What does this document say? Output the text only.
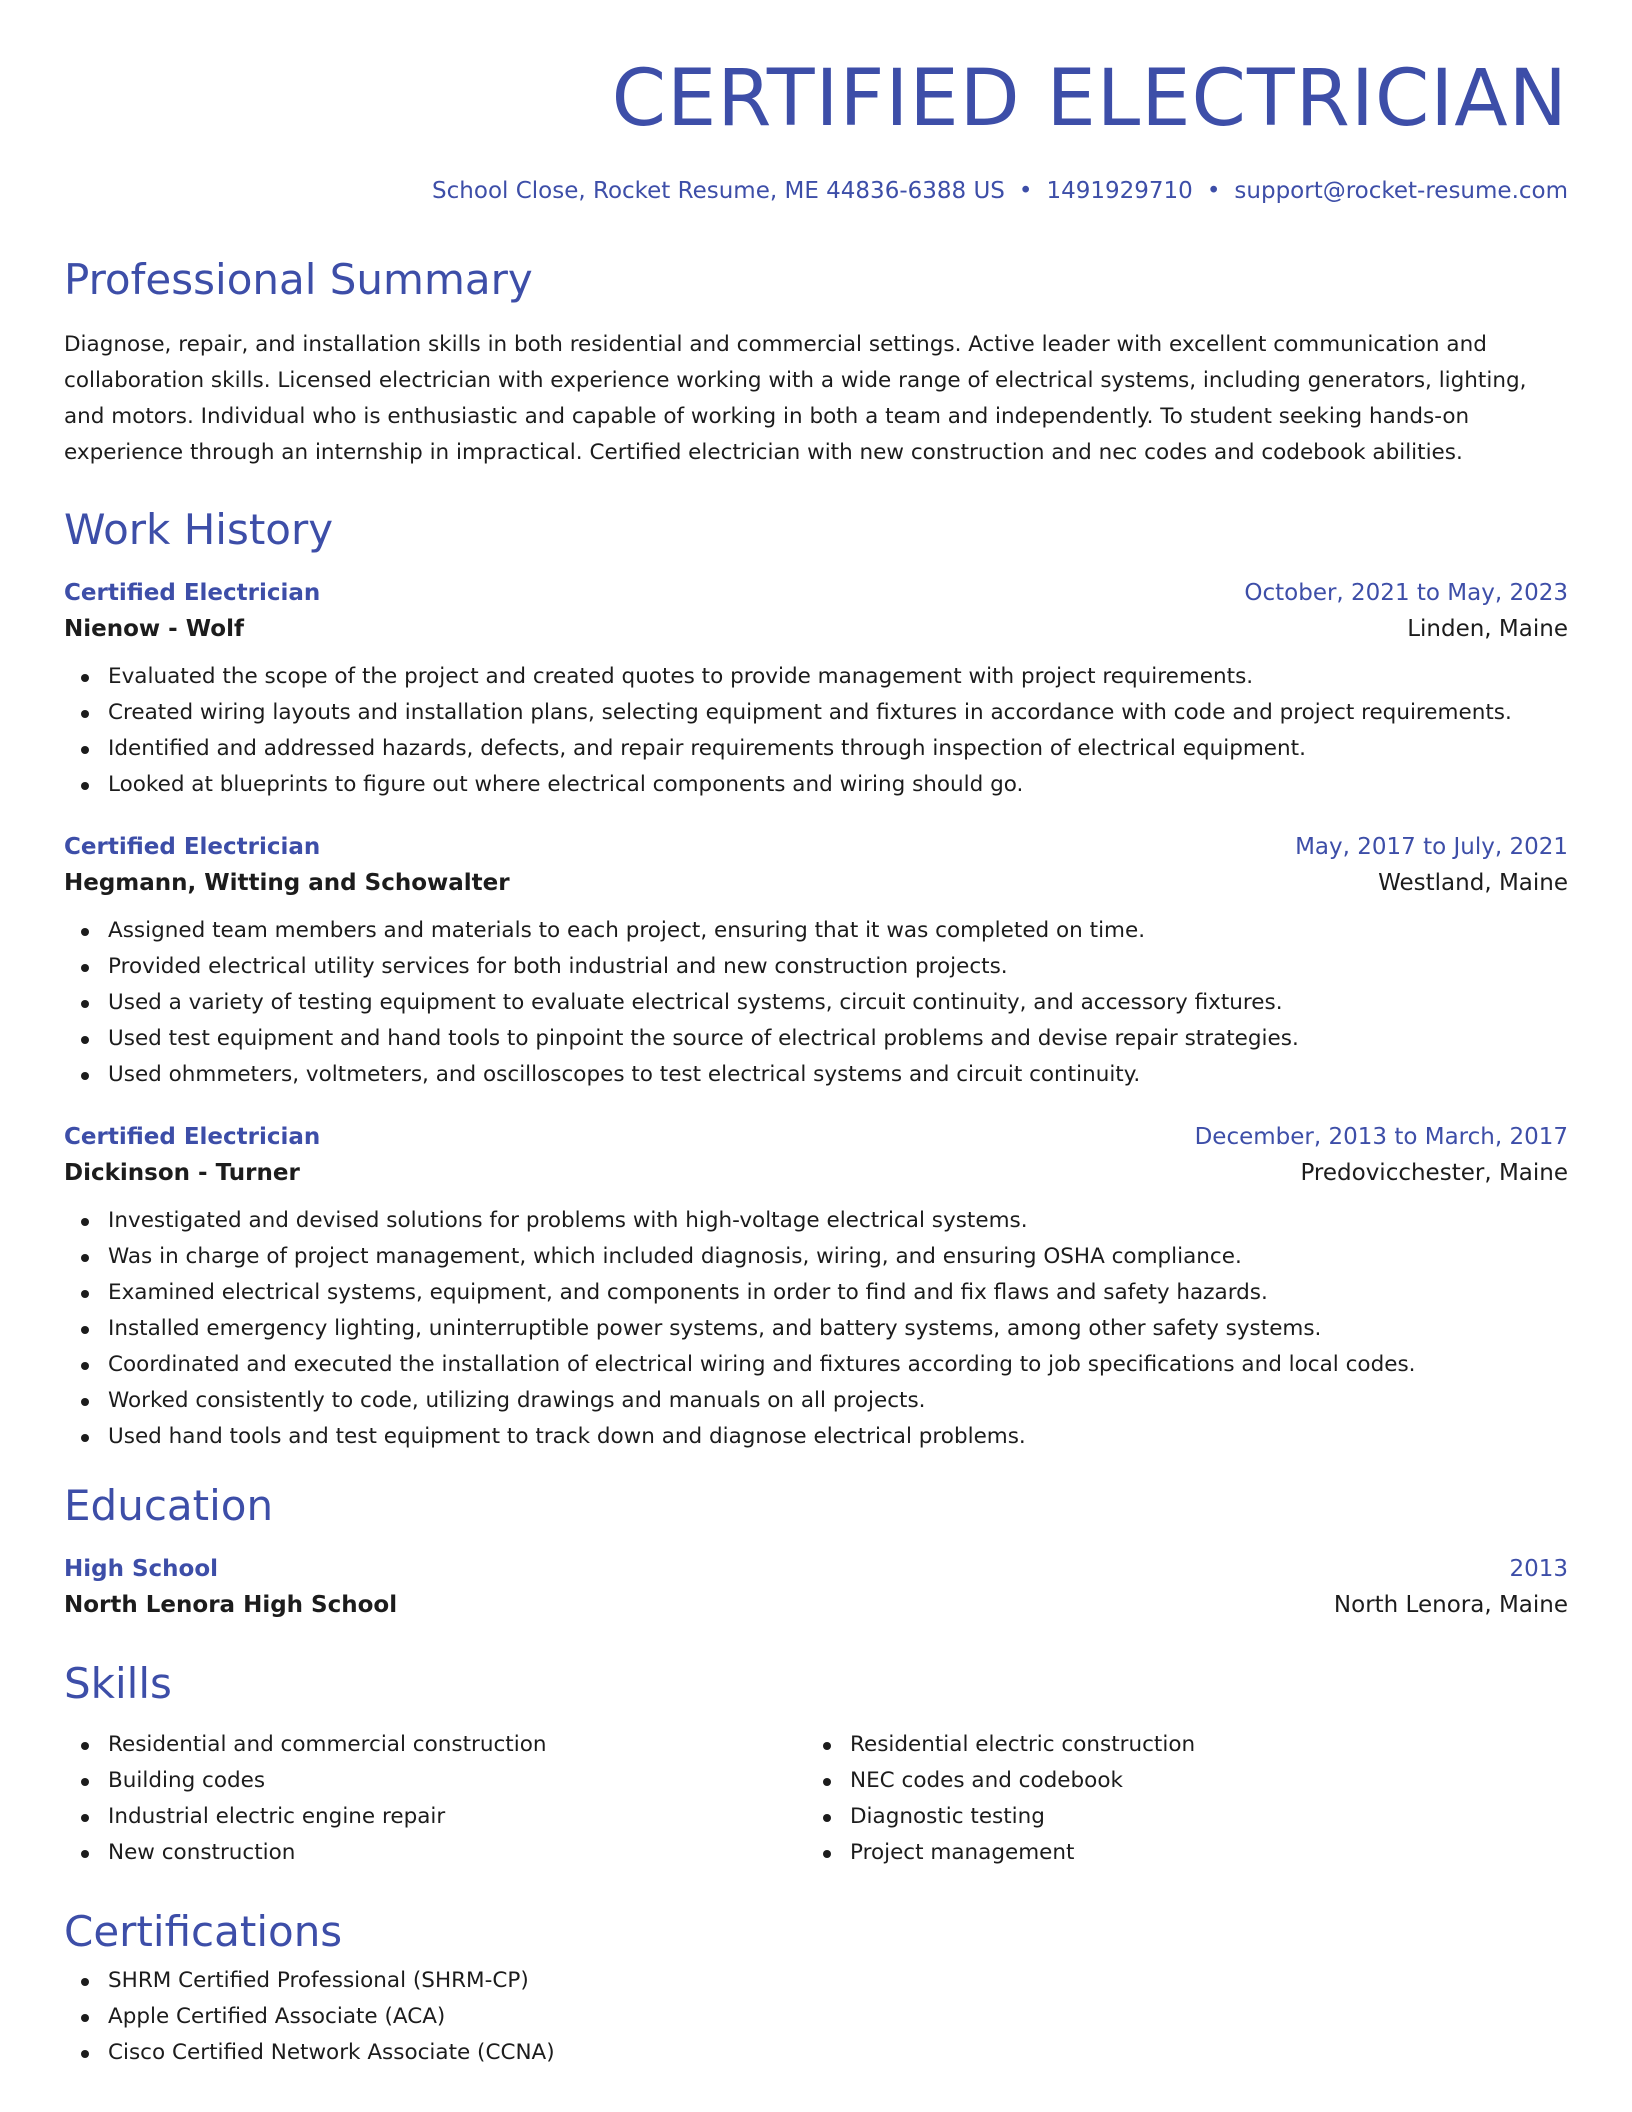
CERTIFIED ELECTRICIAN
School Close, Rocket Resume, ME 44836-6388 US • 1491929710 • support@rocket-resume.com
Professional Summary

Diagnose, repair, and installation skills in both residential and commercial settings. Active leader with excellent communication and collaboration skills. Licensed electrician with experience working with a wide range of electrical systems, including generators, lighting, and motors. Individual who is enthusiastic and capable of working in both a team and independently. To student seeking hands-on experience through an internship in impractical. Certified electrician with new construction and nec codes and codebook abilities.

Work History
Certified Electrician	October, 2021 to May, 2023
Nienow - Wolf	Linden, Maine
Evaluated the scope of the project and created quotes to provide management with project requirements.
Created wiring layouts and installation plans, selecting equipment and fixtures in accordance with code and project requirements.
Identified and addressed hazards, defects, and repair requirements through inspection of electrical equipment.
Looked at blueprints to figure out where electrical components and wiring should go.
Certified Electrician	May, 2017 to July, 2021
Hegmann, Witting and Schowalter	Westland, Maine
Assigned team members and materials to each project, ensuring that it was completed on time.
Provided electrical utility services for both industrial and new construction projects.
Used a variety of testing equipment to evaluate electrical systems, circuit continuity, and accessory fixtures.
Used test equipment and hand tools to pinpoint the source of electrical problems and devise repair strategies.
Used ohmmeters, voltmeters, and oscilloscopes to test electrical systems and circuit continuity.
Certified Electrician	December, 2013 to March, 2017
Dickinson - Turner	Predovicchester, Maine
Investigated and devised solutions for problems with high-voltage electrical systems.
Was in charge of project management, which included diagnosis, wiring, and ensuring OSHA compliance.
Examined electrical systems, equipment, and components in order to find and fix flaws and safety hazards.
Installed emergency lighting, uninterruptible power systems, and battery systems, among other safety systems.
Coordinated and executed the installation of electrical wiring and fixtures according to job specifications and local codes.
Worked consistently to code, utilizing drawings and manuals on all projects.
Used hand tools and test equipment to track down and diagnose electrical problems.
Education
High School	2013
North Lenora High School	North Lenora, Maine
Skills
Residential and commercial construction
Building codes
Industrial electric engine repair
New construction
Residential electric construction
NEC codes and codebook
Diagnostic testing
Project management
Certifications
SHRM Certified Professional (SHRM-CP)
Apple Certified Associate (ACA)
Cisco Certified Network Associate (CCNA)
